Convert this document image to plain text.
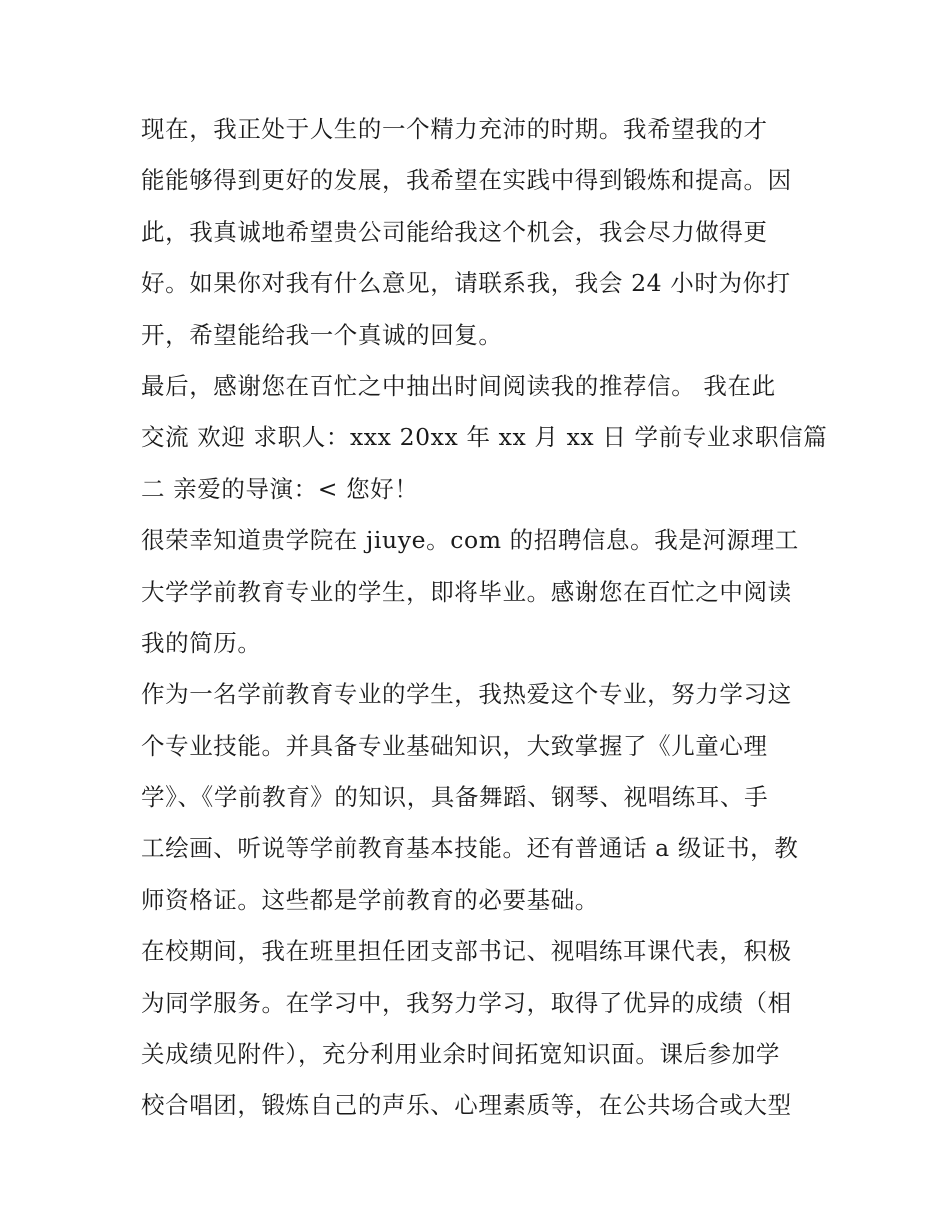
现在，我正处于人生的一个精力充沛的时期。我希望我的才
能能够得到更好的发展，我希望在实践中得到锻炼和提高。因
此，我真诚地希望贵公司能给我这个机会，我会尽力做得更
好。如果你对我有什么意见，请联系我，我会 24 小时为你打
开，希望能给我一个真诚的回复。
最后，感谢您在百忙之中抽出时间阅读我的推荐信。 我在此
交流 欢迎 求职人：xxx 20xx 年 xx 月 xx 日 学前专业求职信篇
二 亲爱的导演：< 您好！
很荣幸知道贵学院在 jiuye。com 的招聘信息。我是河源理工
大学学前教育专业的学生，即将毕业。感谢您在百忙之中阅读
我的简历。
作为一名学前教育专业的学生，我热爱这个专业，努力学习这
个专业技能。并具备专业基础知识，大致掌握了《儿童心理
学》、《学前教育》的知识，具备舞蹈、钢琴、视唱练耳、手
工绘画、听说等学前教育基本技能。还有普通话 a 级证书，教
师资格证。这些都是学前教育的必要基础。
在校期间，我在班里担任团支部书记、视唱练耳课代表，积极
为同学服务。在学习中，我努力学习，取得了优异的成绩（相
关成绩见附件），充分利用业余时间拓宽知识面。课后参加学
校合唱团，锻炼自己的声乐、心理素质等，在公共场合或大型
